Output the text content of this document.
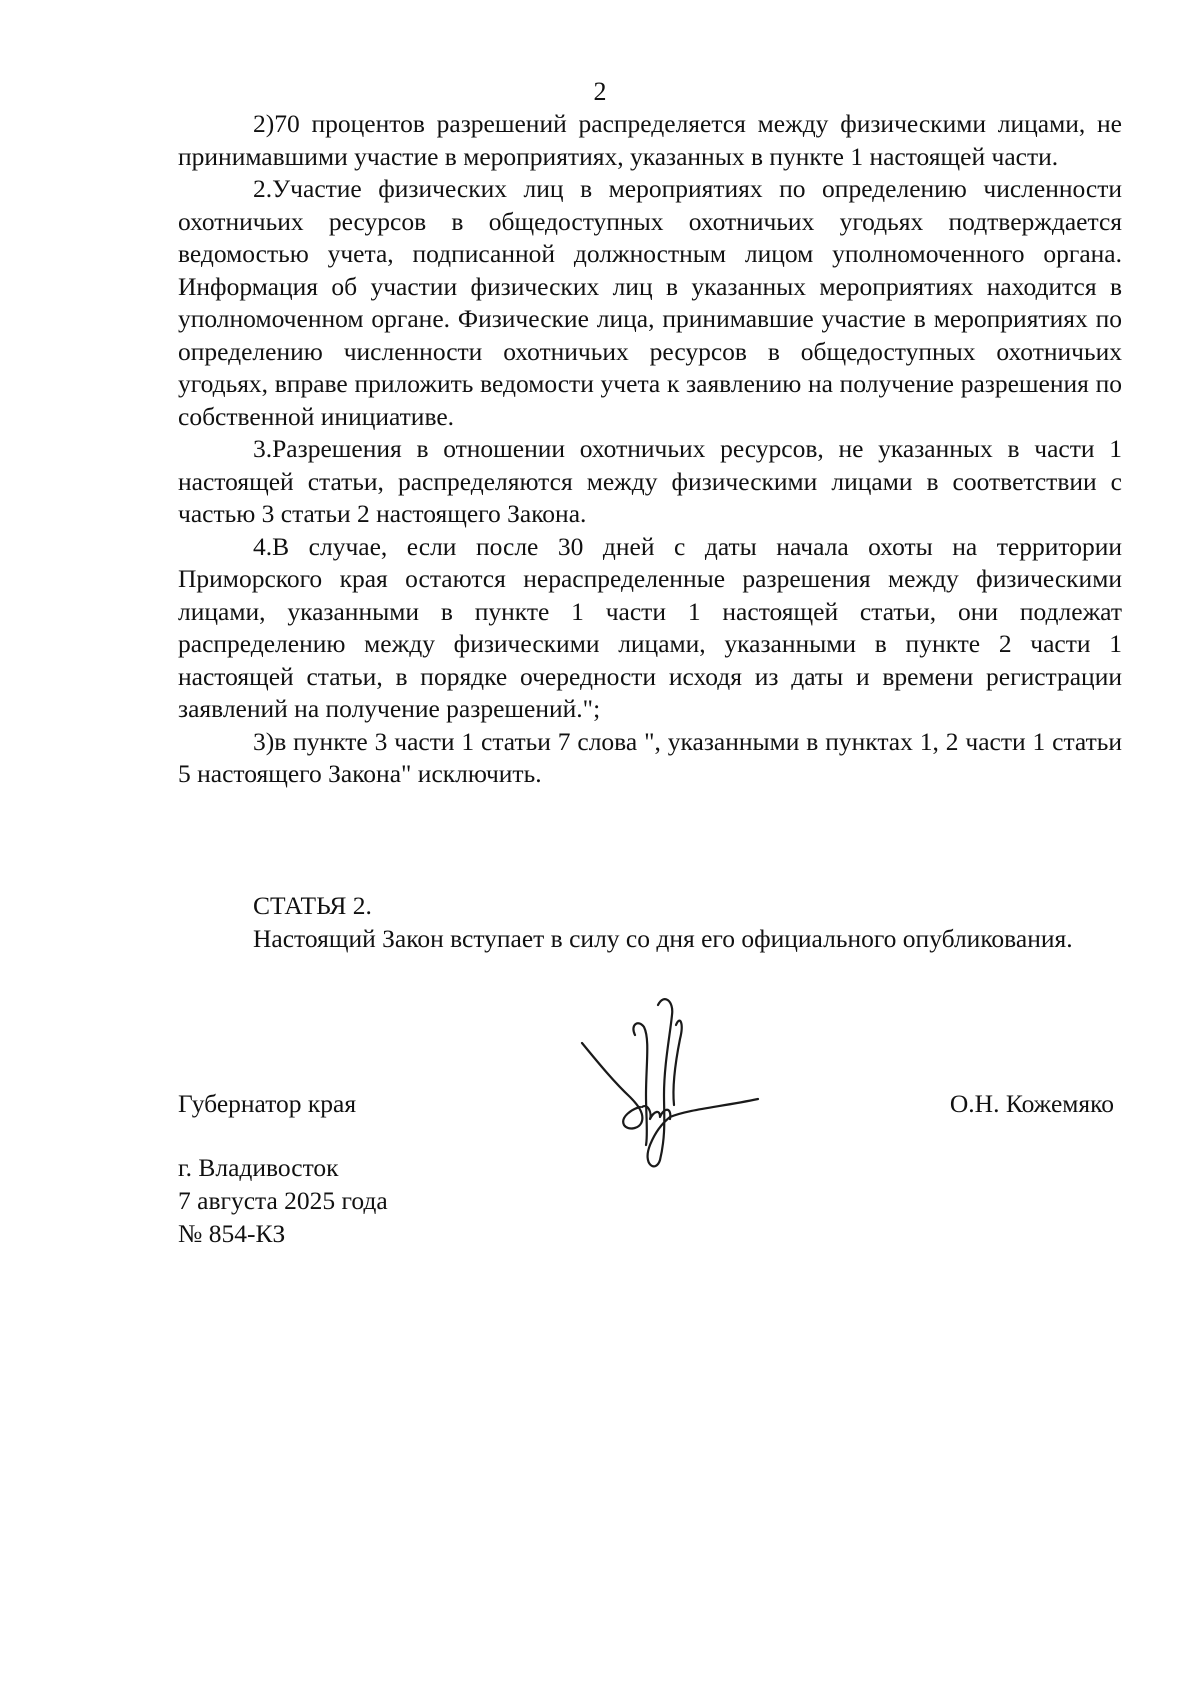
2

2)70 процентов разрешений распределяется между физическими лицами, не принимавшими участие в мероприятиях, указанных в пункте 1 настоящей части.

2.Участие физических лиц в мероприятиях по определению численности охотничьих ресурсов в общедоступных охотничьих угодьях подтверждается ведомостью учета, подписанной должностным лицом уполномоченного органа. Информация об участии физических лиц в указанных мероприятиях находится в уполномоченном органе. Физические лица, принимавшие участие в мероприятиях по определению численности охотничьих ресурсов в общедоступных охотничьих угодьях, вправе приложить ведомости учета к заявлению на получение разрешения по собственной инициативе.

3.Разрешения в отношении охотничьих ресурсов, не указанных в части 1 настоящей статьи, распределяются между физическими лицами в соответствии с частью 3 статьи 2 настоящего Закона.

4.В случае, если после 30 дней с даты начала охоты на территории Приморского края остаются нераспределенные разрешения между физическими лицами, указанными в пункте 1 части 1 настоящей статьи, они подлежат распределению между физическими лицами, указанными в пункте 2 части 1 настоящей статьи, в порядке очередности исходя из даты и времени регистрации заявлений на получение разрешений.";

3)в пункте 3 части 1 статьи 7 слова ", указанными в пунктах 1, 2 части 1 статьи 5 настоящего Закона" исключить.

СТАТЬЯ 2.

Настоящий Закон вступает в силу со дня его официального опубликования.

Губернатор края	О.Н. Кожемяко
г. Владивосток
7 августа 2025 года
№ 854-КЗ
